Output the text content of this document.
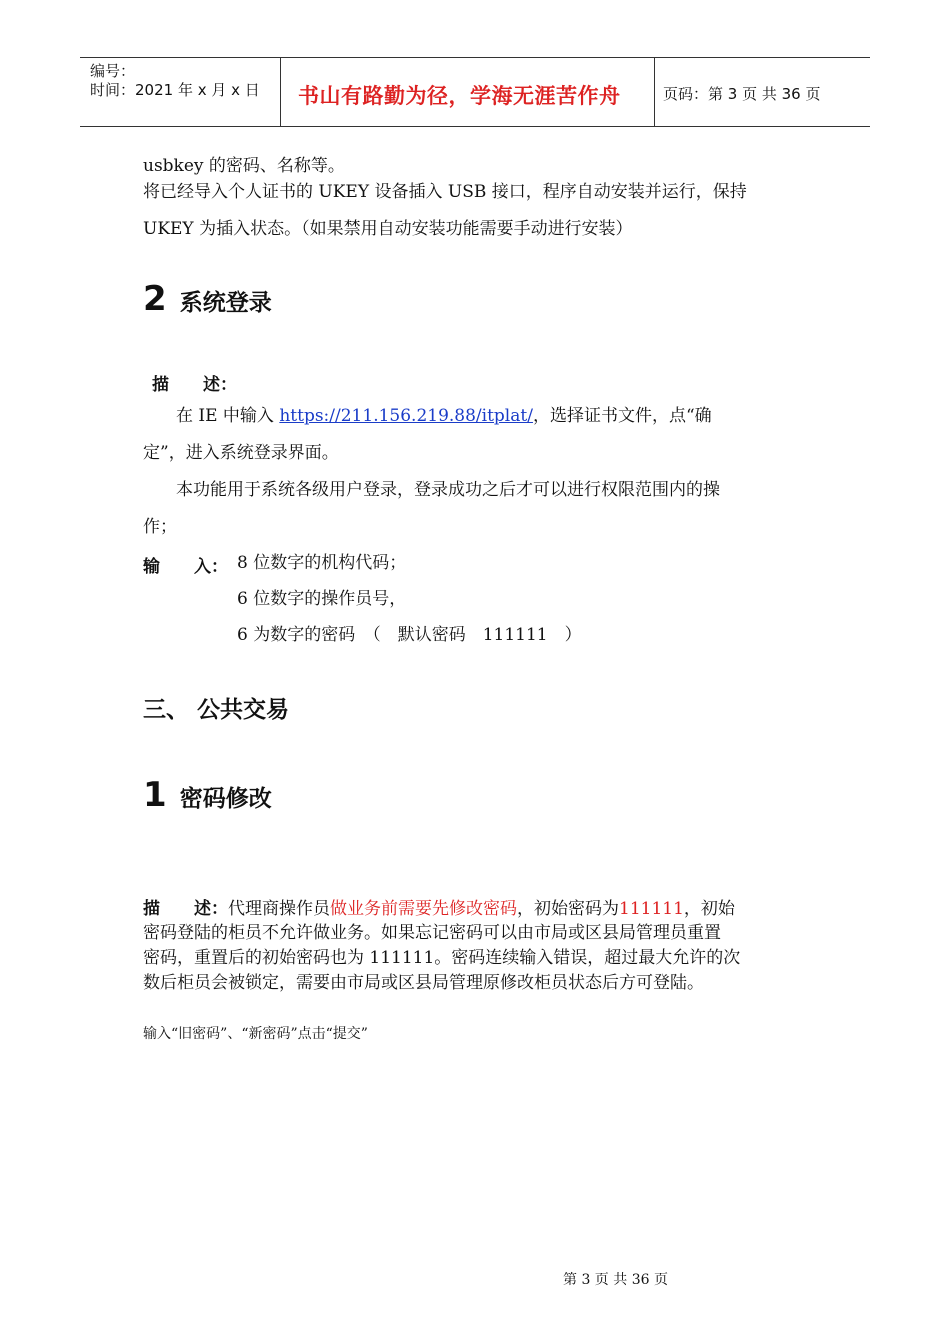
编号：
时间：2021 年 x 月 x 日 书山有路勤为径，学海无涯苦作舟	页码：第 3 页 共 36 页
usbkey 的密码、名称等。
将已经导入个人证书的 UKEY 设备插入 USB 接口，程序自动安装并运行，保持
UKEY 为插入状态。（如果禁用自动安装功能需要手动进行安装）
2 系统登录
描　　述：
在 IE 中输入 https://211.156.219.88/itplat/，选择证书文件，点“确
定”，进入系统登录界面。
本功能用于系统各级用户登录，登录成功之后才可以进行权限范围内的操
作；
输　　入： 8 位数字的机构代码；
6 位数字的操作员号，
6 为数字的密码　（　默认密码　111111　）
三、 公共交易
1 密码修改
描　　述：代理商操作员做业务前需要先修改密码，初始密码为111111，初始
密码登陆的柜员不允许做业务。如果忘记密码可以由市局或区县局管理员重置
密码，重置后的初始密码也为 111111。密码连续输入错误，超过最大允许的次
数后柜员会被锁定，需要由市局或区县局管理原修改柜员状态后方可登陆。
输入“旧密码”、“新密码”点击“提交”
第 3 页 共 36 页
